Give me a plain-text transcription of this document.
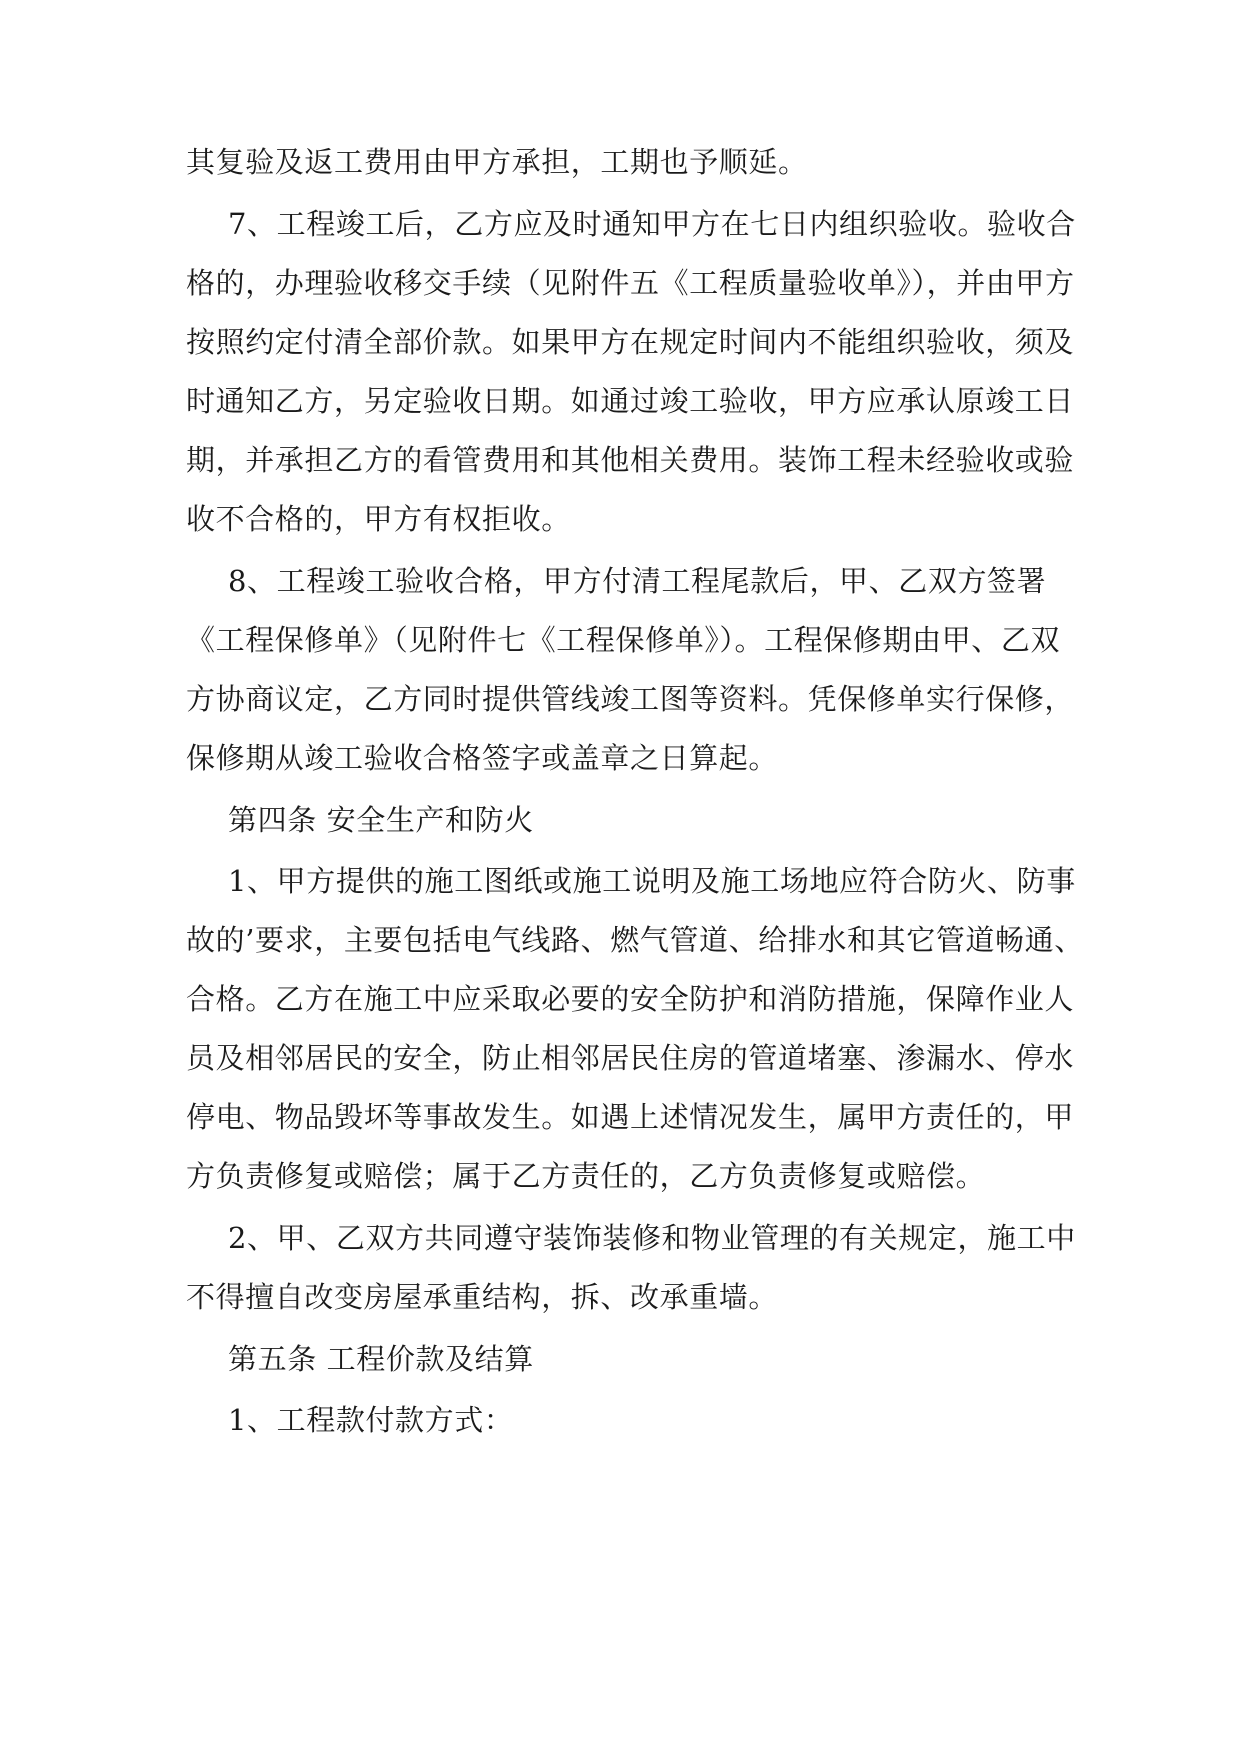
其复验及返工费用由甲方承担，工期也予顺延。

7、工程竣工后，乙方应及时通知甲方在七日内组织验收。验收合

格的，办理验收移交手续（见附件五《工程质量验收单》），并由甲方

按照约定付清全部价款。如果甲方在规定时间内不能组织验收，须及

时通知乙方，另定验收日期。如通过竣工验收，甲方应承认原竣工日

期，并承担乙方的看管费用和其他相关费用。装饰工程未经验收或验

收不合格的，甲方有权拒收。

8、工程竣工验收合格，甲方付清工程尾款后，甲、乙双方签署

《工程保修单》（见附件七《工程保修单》）。工程保修期由甲、乙双

方协商议定，乙方同时提供管线竣工图等资料。凭保修单实行保修，

保修期从竣工验收合格签字或盖章之日算起。

第四条 安全生产和防火

1、甲方提供的施工图纸或施工说明及施工场地应符合防火、防事

故的’要求，主要包括电气线路、燃气管道、给排水和其它管道畅通、

合格。乙方在施工中应采取必要的安全防护和消防措施，保障作业人

员及相邻居民的安全，防止相邻居民住房的管道堵塞、渗漏水、停水

停电、物品毁坏等事故发生。如遇上述情况发生，属甲方责任的，甲

方负责修复或赔偿；属于乙方责任的，乙方负责修复或赔偿。

2、甲、乙双方共同遵守装饰装修和物业管理的有关规定，施工中

不得擅自改变房屋承重结构，拆、改承重墙。

第五条 工程价款及结算

1、工程款付款方式：
